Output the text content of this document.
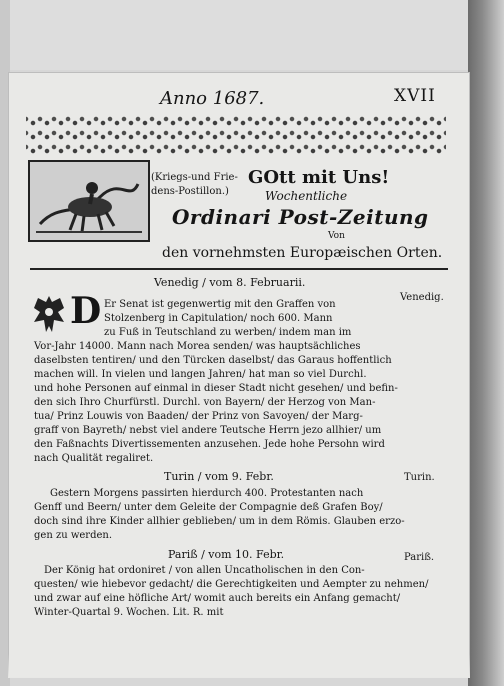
Anno 1687.	XVII
(Kriegs-und Frie-
dens-Postillon.)
GOtt mit Uns!
Wochentliche
Ordinari Post-Zeitung
Von
den vornehmsten Europæischen Orten.
Venedig / vom 8. Februarii.
Venedig.
D Er Senat ist gegenwertig mit den Graffen von
Stolzenberg in Capitulation/ noch 600. Mann
zu Fuß in Teutschland zu werben/ indem man im
Vor-Jahr 14000. Mann nach Morea senden/ was hauptsächliches
daselbsten tentiren/ und den Türcken daselbst/ das Garaus hoffentlich
machen will. In vielen und langen Jahren/ hat man so viel Durchl.
und hohe Personen auf einmal in dieser Stadt nicht gesehen/ und befin-
den sich Ihro Churfürstl. Durchl. von Bayern/ der Herzog von Man-
tua/ Prinz Louwis von Baaden/ der Prinz von Savoyen/ der Marg-
graff von Bayreth/ nebst viel andere Teutsche Herrn jezo allhier/ um
den Faßnachts Divertissementen anzusehen. Jede hohe Persohn wird
nach Qualität regaliret.
Turin / vom 9. Febr.	Turin.
Gestern Morgens passirten hierdurch 400. Protestanten nach
Genff und Beern/ unter dem Geleite der Compagnie deß Grafen Boy/
doch sind ihre Kinder allhier geblieben/ um in dem Römis. Glauben erzo-
gen zu werden.
Pariß / vom 10. Febr.	Pariß.
Der König hat ordoniret / von allen Uncatholischen in den Con-
questen/ wie hiebevor gedacht/ die Gerechtigkeiten und Aempter zu nehmen/
und zwar auf eine höfliche Art/ womit auch bereits ein Anfang gemacht/
Winter-Quartal 9. Wochen. Lit. R. mit
